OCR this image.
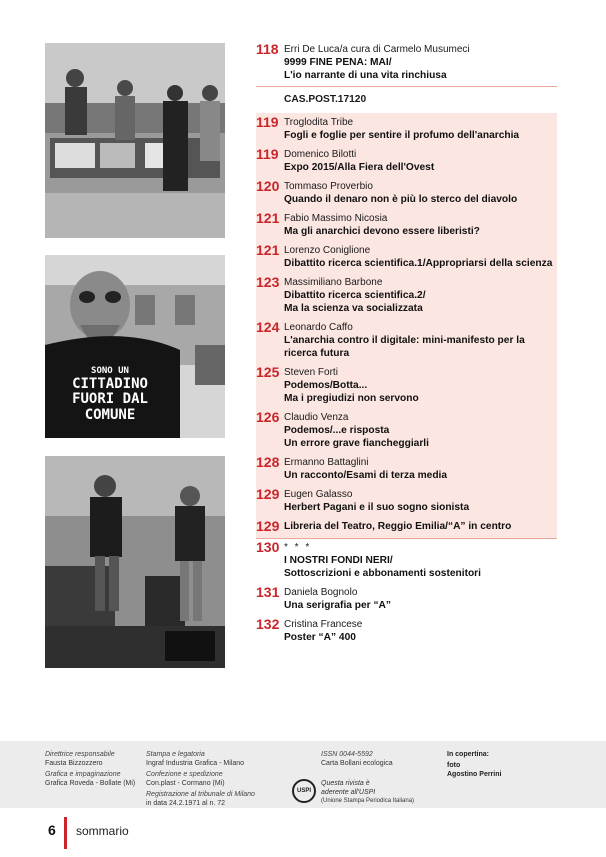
SONO UN
CITTADINO
FUORI DAL
COMUNE
118 Erri De Luca/a cura di Carmelo Musumeci
9999 FINE PENA: MAI/
L'io narrante di una vita rinchiusa
CAS.POST.17120
119 Troglodita Tribe
Fogli e foglie per sentire il profumo dell'anarchia
119 Domenico Bilotti
Expo 2015/Alla Fiera dell'Ovest
120 Tommaso Proverbio
Quando il denaro non è più lo sterco del diavolo
121 Fabio Massimo Nicosia
Ma gli anarchici devono essere liberisti?
121 Lorenzo Coniglione
Dibattito ricerca scientifica.1/Appropriarsi della scienza
123 Massimiliano Barbone
Dibattito ricerca scientifica.2/
Ma la scienza va socializzata
124 Leonardo Caffo
L'anarchia contro il digitale: mini-manifesto per la
ricerca futura
125 Steven Forti
Podemos/Botta...
Ma i pregiudizi non servono
126 Claudio Venza
Podemos/...e risposta
Un errore grave fiancheggiarli
128 Ermanno Battaglini
Un racconto/Esami di terza media
129 Eugen Galasso
Herbert Pagani e il suo sogno sionista
129 Libreria del Teatro, Reggio Emilia/“A” in centro
130 * * *
I NOSTRI FONDI NERI/
Sottoscrizioni e abbonamenti sostenitori
131 Daniela Bognolo
Una serigrafia per “A”
132 Cristina Francese
Poster “A” 400
Direttrice responsabile
Fausta Bizzozzero
Grafica e impaginazione
Grafica Roveda - Bollate (Mi)
Stampa e legatoria
Ingraf Industria Grafica - Milano
Confezione e spedizione
Con.plast - Cormano (Mi)
Registrazione al tribunale di Milano
in data 24.2.1971 al n. 72
ISSN 0044-5592
Carta Bollani ecologica
USPI
Questa rivista è
aderente all'USPI
(Unione Stampa Periodica Italiana)
In copertina:
foto
Agostino Perrini
6 sommario
